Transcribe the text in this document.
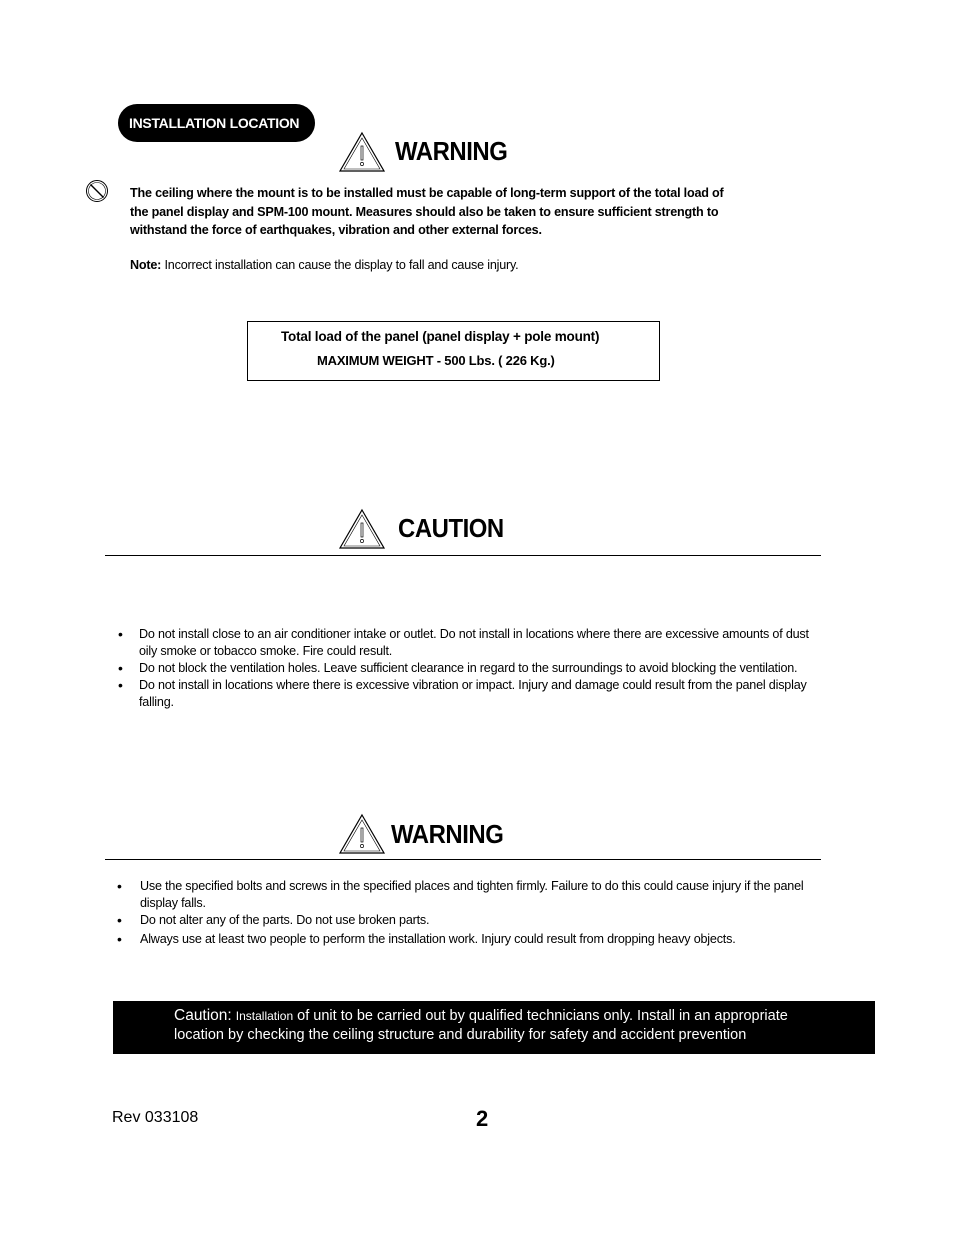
INSTALLATION LOCATION
WARNING
The ceiling where the mount is to be installed must be capable of long-term support of the total load of
the panel display and SPM-100 mount. Measures should also be taken to ensure sufficient strength to
withstand the force of earthquakes, vibration and other external forces.
Note: Incorrect installation can cause the display to fall and cause injury.
Total load of the panel (panel display + pole mount)
MAXIMUM WEIGHT - 500 Lbs. ( 226 Kg.)
CAUTION
• Do not install close to an air conditioner intake or outlet. Do not install in locations where there are excessive amounts of dust
oily smoke or tobacco smoke. Fire could result.
• Do not block the ventilation holes. Leave sufficient clearance in regard to the surroundings to avoid blocking the ventilation.
• Do not install in locations where there is excessive vibration or impact. Injury and damage could result from the panel display
falling.
WARNING
• Use the specified bolts and screws in the specified places and tighten firmly. Failure to do this could cause injury if the panel
display falls.
• Do not alter any of the parts. Do not use broken parts.
• Always use at least two people to perform the installation work. Injury could result from dropping heavy objects.
Caution: Installation of unit to be carried out by qualified technicians only. Install in an appropriate
location by checking the ceiling structure and durability for safety and accident prevention
Rev 033108	2
